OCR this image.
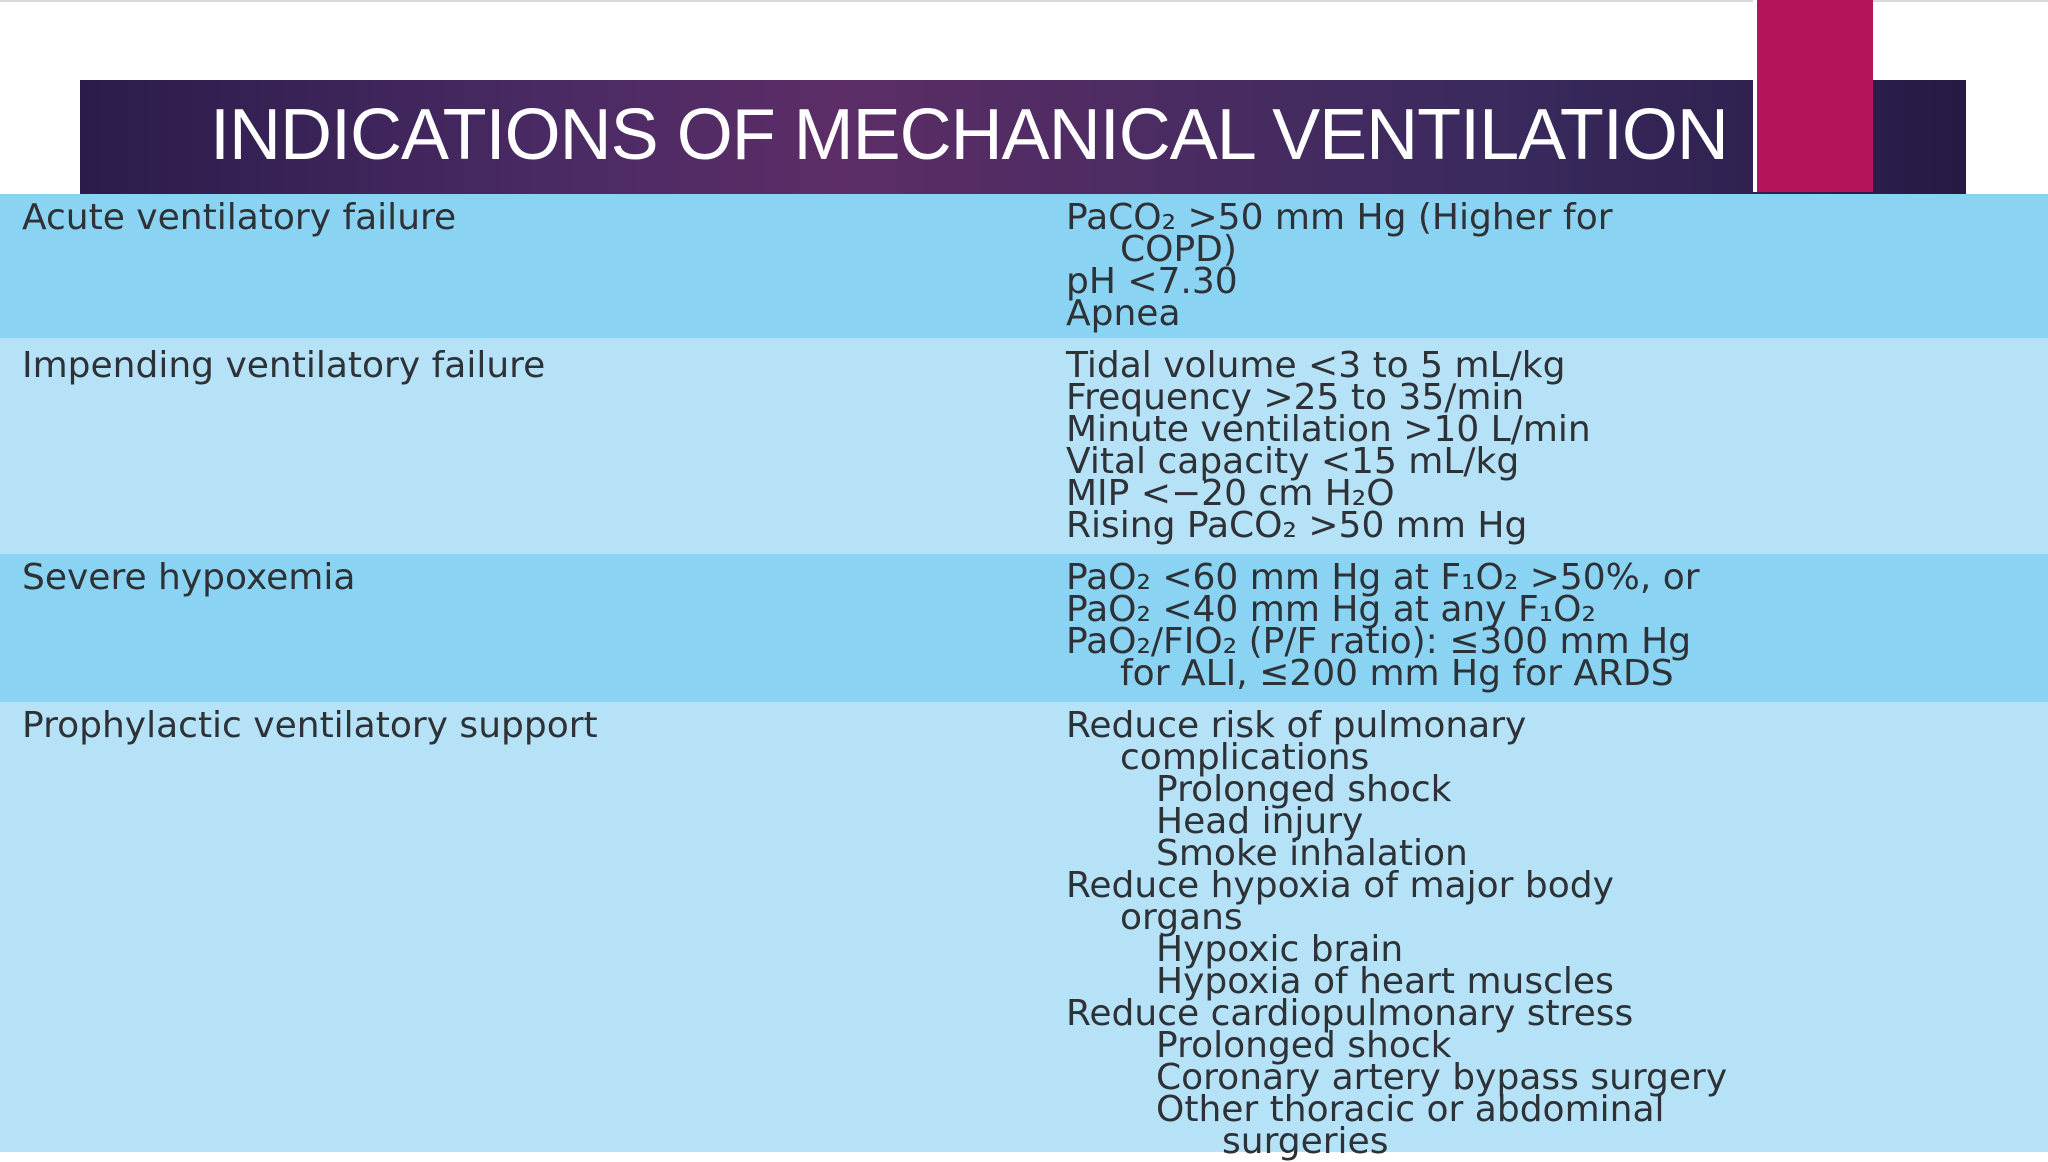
INDICATIONS OF MECHANICAL VENTILATION
Acute ventilatory failure	PaCO₂ >50 mm Hg (Higher for
COPD)
pH <7.30
Apnea
Impending ventilatory failure	Tidal volume <3 to 5 mL/kg
Frequency >25 to 35/min
Minute ventilation >10 L/min
Vital capacity <15 mL/kg
MIP <−20 cm H₂O
Rising PaCO₂ >50 mm Hg
Severe hypoxemia	PaO₂ <60 mm Hg at F₁O₂ >50%, or
PaO₂ <40 mm Hg at any F₁O₂
PaO₂/FIO₂ (P/F ratio): ≤300 mm Hg
for ALI, ≤200 mm Hg for ARDS
Prophylactic ventilatory support	Reduce risk of pulmonary
complications
Prolonged shock
Head injury
Smoke inhalation
Reduce hypoxia of major body
organs
Hypoxic brain
Hypoxia of heart muscles
Reduce cardiopulmonary stress
Prolonged shock
Coronary artery bypass surgery
Other thoracic or abdominal
surgeries
